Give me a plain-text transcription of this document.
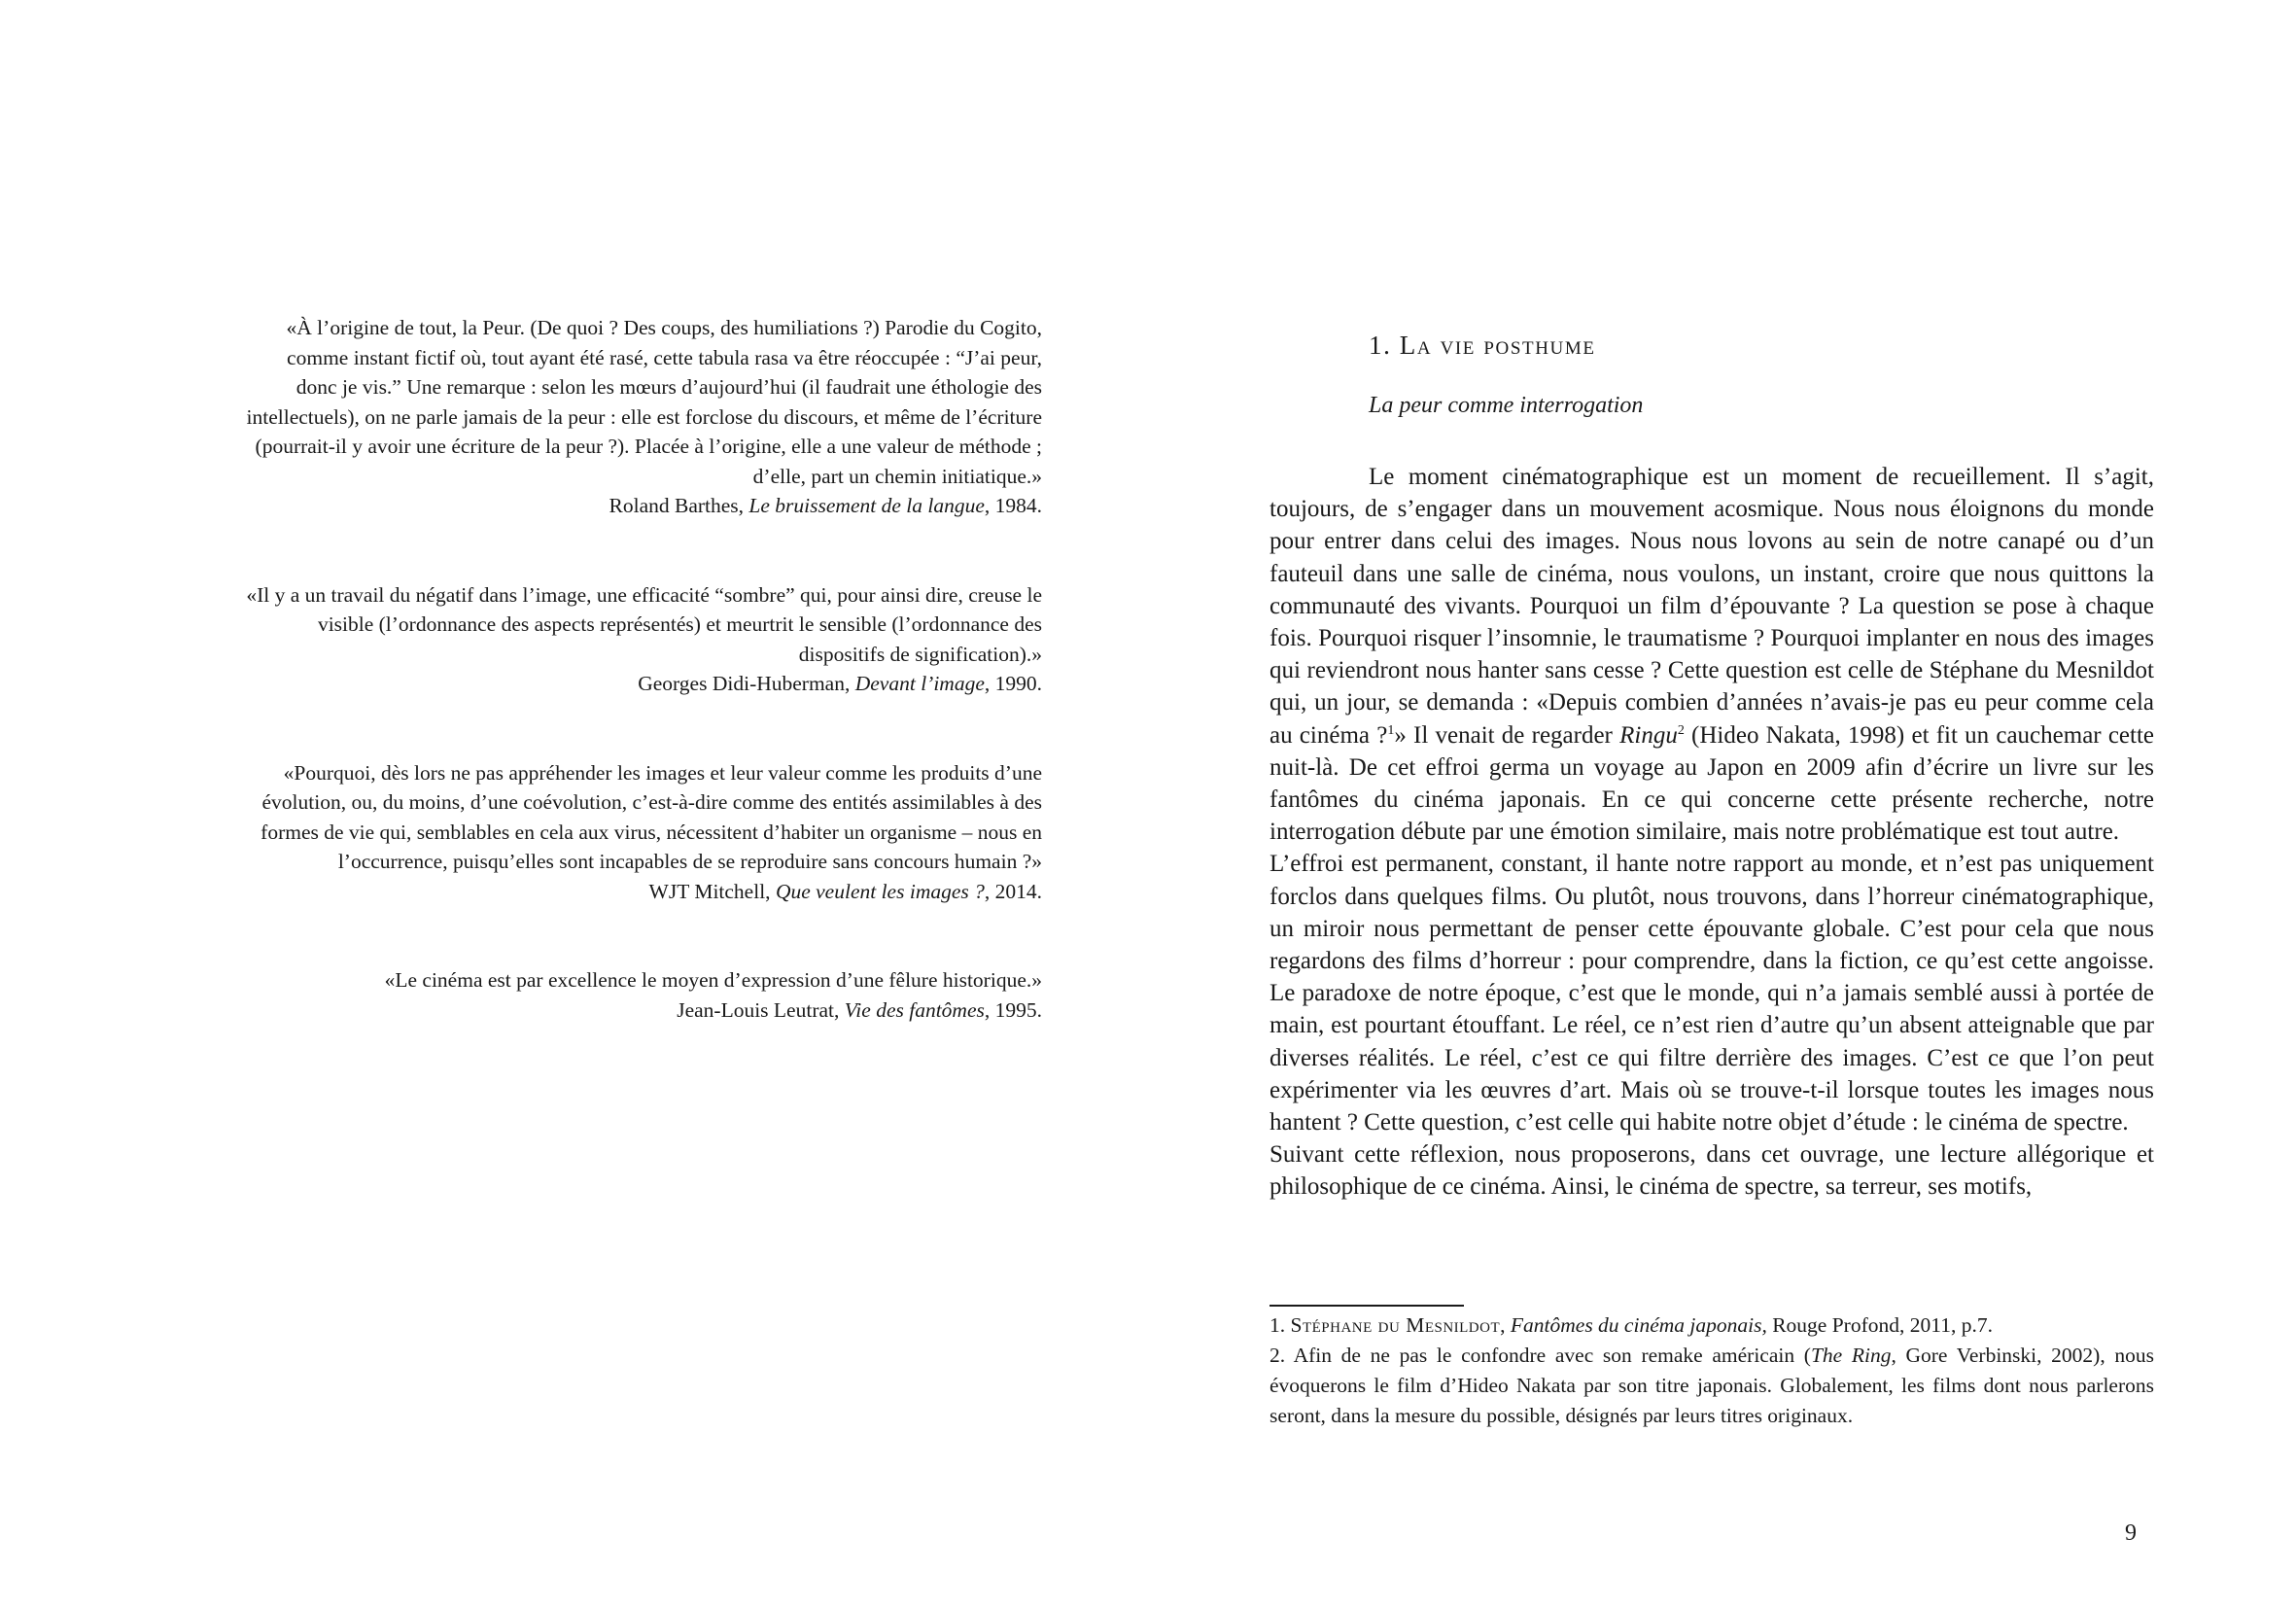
«À l’origine de tout, la Peur. (De quoi ? Des coups, des humiliations ?) Parodie du Cogito, comme instant fictif où, tout ayant été rasé, cette tabula rasa va être réoccupée : “J’ai peur, donc je vis.” Une remarque : selon les mœurs d’aujourd’hui (il faudrait une éthologie des intellectuels), on ne parle jamais de la peur : elle est forclose du discours, et même de l’écriture (pourrait-il y avoir une écriture de la peur ?). Placée à l’origine, elle a une valeur de méthode ; d’elle, part un chemin initiatique.»

Roland Barthes, Le bruissement de la langue, 1984.

«Il y a un travail du négatif dans l’image, une efficacité “sombre” qui, pour ainsi dire, creuse le visible (l’ordonnance des aspects représentés) et meurtrit le sensible (l’ordonnance des dispositifs de signification).»

Georges Didi-Huberman, Devant l’image, 1990.

«Pourquoi, dès lors ne pas appréhender les images et leur valeur comme les produits d’une évolution, ou, du moins, d’une coévolution, c’est-à-dire comme des entités assimilables à des formes de vie qui, semblables en cela aux virus, nécessitent d’habiter un organisme – nous en l’occurrence, puisqu’elles sont incapables de se reproduire sans concours humain ?»

WJT Mitchell, Que veulent les images ?, 2014.

«Le cinéma est par excellence le moyen d’expression d’une fêlure historique.»

Jean-Louis Leutrat, Vie des fantômes, 1995.

1. La vie posthume
La peur comme interrogation

Le moment cinématographique est un moment de recueillement. Il s’agit, toujours, de s’engager dans un mouvement acosmique. Nous nous éloignons du monde pour entrer dans celui des images. Nous nous lovons au sein de notre canapé ou d’un fauteuil dans une salle de cinéma, nous voulons, un instant, croire que nous quittons la communauté des vivants. Pourquoi un film d’épouvante ? La question se pose à chaque fois. Pourquoi risquer l’insomnie, le traumatisme ? Pourquoi implanter en nous des images qui reviendront nous hanter sans cesse ? Cette question est celle de Stéphane du Mesnildot qui, un jour, se demanda : «Depuis combien d’années n’avais-je pas eu peur comme cela au cinéma ?$^1$» Il venait de regarder Ringu$^2$ (Hideo Nakata, 1998) et fit un cauchemar cette nuit-là. De cet effroi germa un voyage au Japon en 2009 afin d’écrire un livre sur les fantômes du cinéma japonais. En ce qui concerne cette présente recherche, notre interrogation débute par une émotion similaire, mais notre problématique est tout autre.

L’effroi est permanent, constant, il hante notre rapport au monde, et n’est pas uniquement forclos dans quelques films. Ou plutôt, nous trouvons, dans l’horreur cinématographique, un miroir nous permettant de penser cette épouvante globale. C’est pour cela que nous regardons des films d’horreur : pour comprendre, dans la fiction, ce qu’est cette angoisse. Le paradoxe de notre époque, c’est que le monde, qui n’a jamais semblé aussi à portée de main, est pourtant étouffant. Le réel, ce n’est rien d’autre qu’un absent atteignable que par diverses réalités. Le réel, c’est ce qui filtre derrière des images. C’est ce que l’on peut expérimenter via les œuvres d’art. Mais où se trouve-t-il lorsque toutes les images nous hantent ? Cette question, c’est celle qui habite notre objet d’étude : le cinéma de spectre.

Suivant cette réflexion, nous proposerons, dans cet ouvrage, une lecture allégorique et philosophique de ce cinéma. Ainsi, le cinéma de spectre, sa terreur, ses motifs,

1. Stéphane du Mesnildot, Fantômes du cinéma japonais, Rouge Profond, 2011, p.7.

2. Afin de ne pas le confondre avec son remake américain (The Ring, Gore Verbinski, 2002), nous évoquerons le film d’Hideo Nakata par son titre japonais. Globalement, les films dont nous parlerons seront, dans la mesure du possible, désignés par leurs titres originaux.

9
